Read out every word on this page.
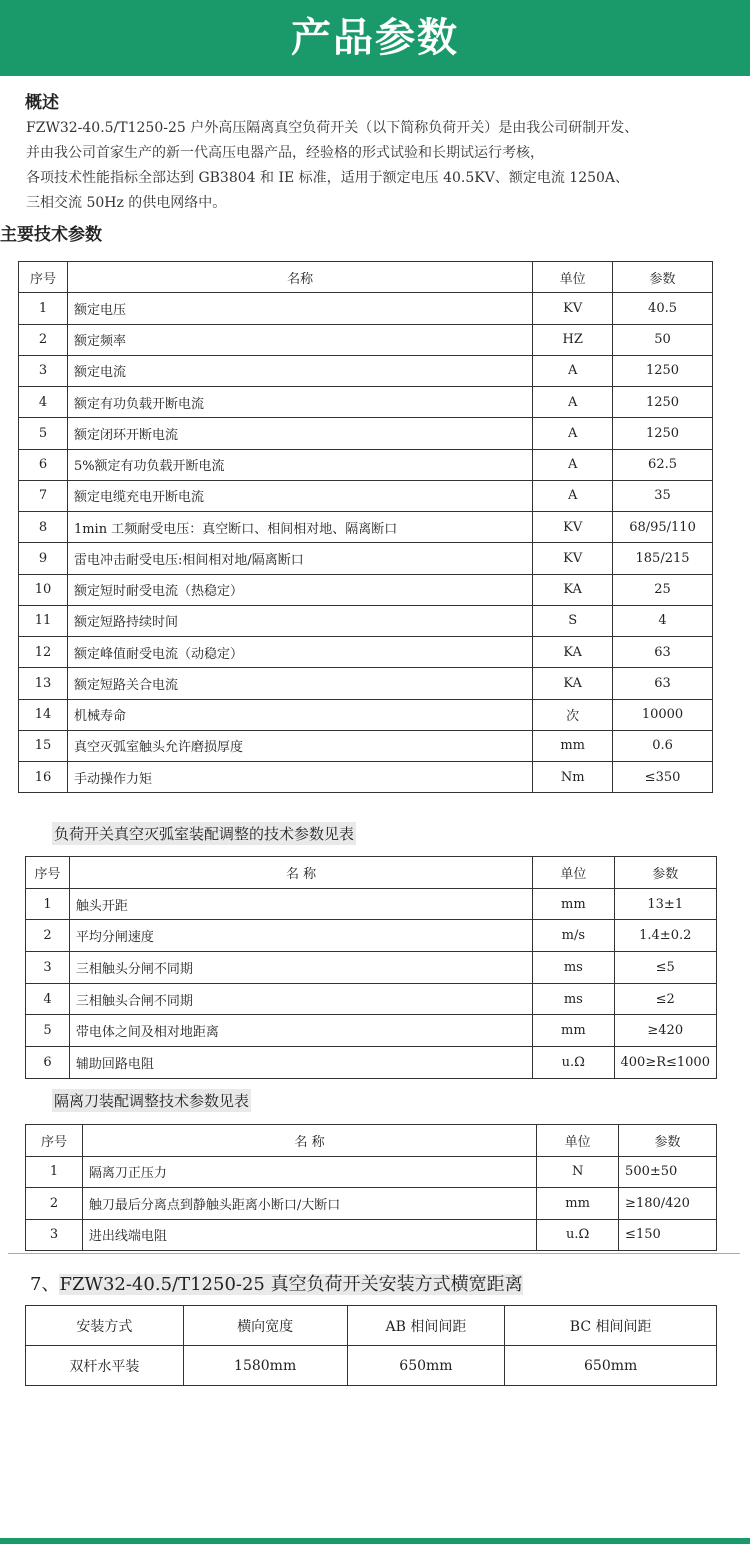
产品参数
概述
FZW32-40.5/T1250-25 户外高压隔离真空负荷开关（以下简称负荷开关）是由我公司研制开发、
并由我公司首家生产的新一代高压电器产品，经验格的形式试验和长期试运行考核，
各项技术性能指标全部达到 GB3804 和 IE 标准，适用于额定电压 40.5KV、额定电流 1250A、
三相交流 50Hz 的供电网络中。
主要技术参数
序号	名称	单位	参数
1	额定电压	KV	40.5
2	额定频率	HZ	50
3	额定电流	A	1250
4	额定有功负载开断电流	A	1250
5	额定闭环开断电流	A	1250
6	5%额定有功负载开断电流	A	62.5
7	额定电缆充电开断电流	A	35
8	1min 工频耐受电压：真空断口、相间相对地、隔离断口	KV	68/95/110
9	雷电冲击耐受电压:相间相对地/隔离断口	KV	185/215
10	额定短时耐受电流（热稳定）	KA	25
11	额定短路持续时间	S	4
12	额定峰值耐受电流（动稳定）	KA	63
13	额定短路关合电流	KA	63
14	机械寿命	次	10000
15	真空灭弧室触头允许磨损厚度	mm	0.6
16	手动操作力矩	Nm	≤350
负荷开关真空灭弧室装配调整的技术参数见表
序号	名 称	单位	参数
1	触头开距	mm	13±1
2	平均分闸速度	m/s	1.4±0.2
3	三相触头分闸不同期	ms	≤5
4	三相触头合闸不同期	ms	≤2
5	带电体之间及相对地距离	mm	≥420
6	辅助回路电阻	u.Ω	400≥R≤1000
隔离刀装配调整技术参数见表
序号	名 称	单位	参数
1	隔离刀正压力	N	500±50
2	触刀最后分离点到静触头距离小断口/大断口	mm	≥180/420
3	进出线端电阻	u.Ω	≤150
7、FZW32-40.5/T1250-25 真空负荷开关安装方式横宽距离
安装方式	横向宽度	AB 相间间距	BC 相间间距
双杆水平装	1580mm	650mm	650mm
